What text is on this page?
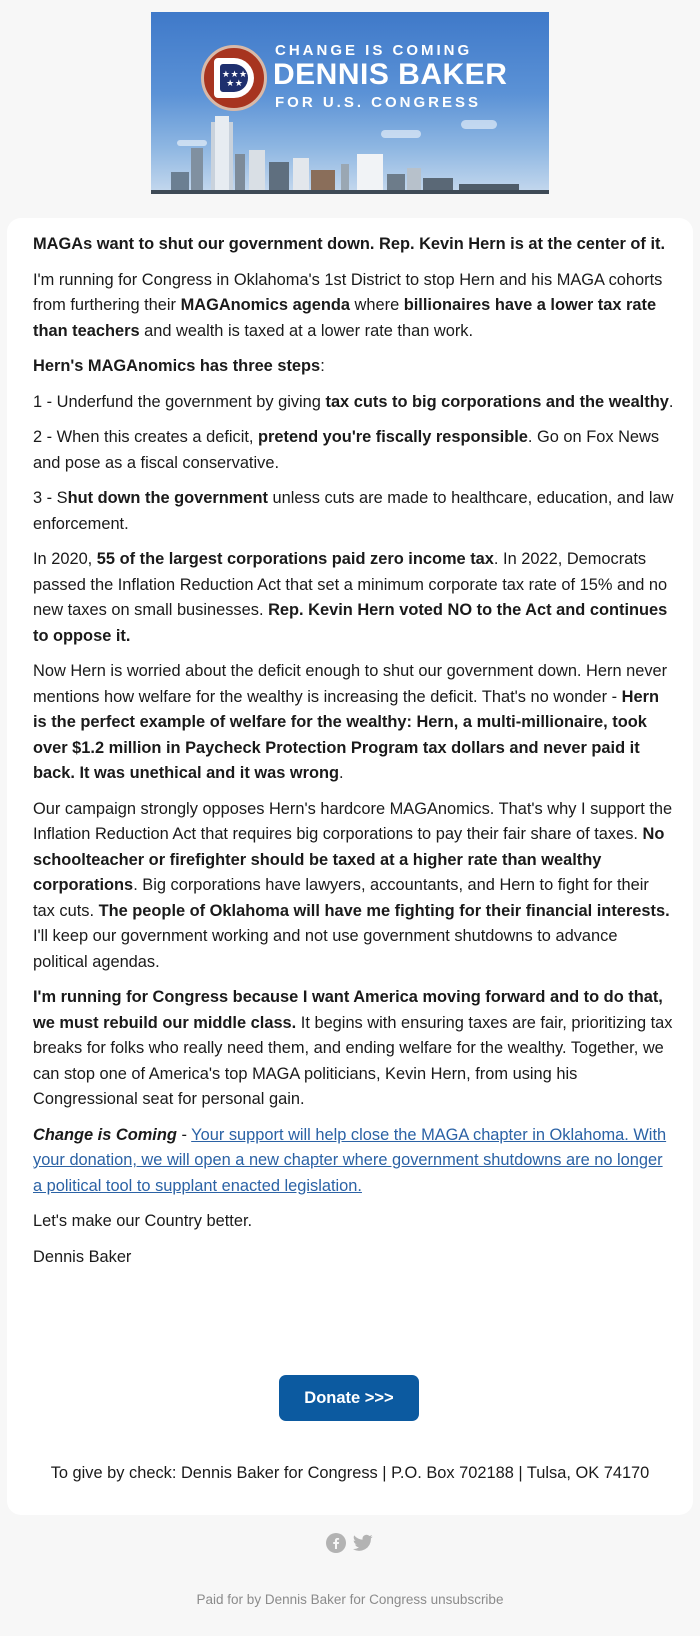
★ ★ ★ ★ ★
CHANGE IS COMING
DENNIS BAKER
FOR U.S. CONGRESS

MAGAs want to shut our government down. Rep. Kevin Hern is at the center of it.

I'm running for Congress in Oklahoma's 1st District to stop Hern and his MAGA cohorts from furthering their MAGAnomics agenda where billionaires have a lower tax rate than teachers and wealth is taxed at a lower rate than work.

Hern's MAGAnomics has three steps:

1 - Underfund the government by giving tax cuts to big corporations and the wealthy.

2 - When this creates a deficit, pretend you're fiscally responsible. Go on Fox News and pose as a fiscal conservative.

3 - Shut down the government unless cuts are made to healthcare, education, and law enforcement.

In 2020, 55 of the largest corporations paid zero income tax. In 2022, Democrats passed the Inflation Reduction Act that set a minimum corporate tax rate of 15% and no new taxes on small businesses. Rep. Kevin Hern voted NO to the Act and continues to oppose it.

Now Hern is worried about the deficit enough to shut our government down. Hern never mentions how welfare for the wealthy is increasing the deficit. That's no wonder - Hern is the perfect example of welfare for the wealthy: Hern, a multi-millionaire, took over $1.2 million in Paycheck Protection Program tax dollars and never paid it back. It was unethical and it was wrong.

Our campaign strongly opposes Hern's hardcore MAGAnomics. That's why I support the Inflation Reduction Act that requires big corporations to pay their fair share of taxes. No schoolteacher or firefighter should be taxed at a higher rate than wealthy corporations. Big corporations have lawyers, accountants, and Hern to fight for their tax cuts. The people of Oklahoma will have me fighting for their financial interests. I'll keep our government working and not use government shutdowns to advance political agendas.

I'm running for Congress because I want America moving forward and to do that, we must rebuild our middle class. It begins with ensuring taxes are fair, prioritizing tax breaks for folks who really need them, and ending welfare for the wealthy. Together, we can stop one of America's top MAGA politicians, Kevin Hern, from using his Congressional seat for personal gain.

Change is Coming - Your support will help close the MAGA chapter in Oklahoma. With your donation, we will open a new chapter where government shutdowns are no longer a political tool to supplant enacted legislation.

Let's make our Country better.

Dennis Baker

Donate >>>
To give by check: Dennis Baker for Congress | P.O. Box 702188 | Tulsa, OK 74170
Paid for by Dennis Baker for Congress unsubscribe
